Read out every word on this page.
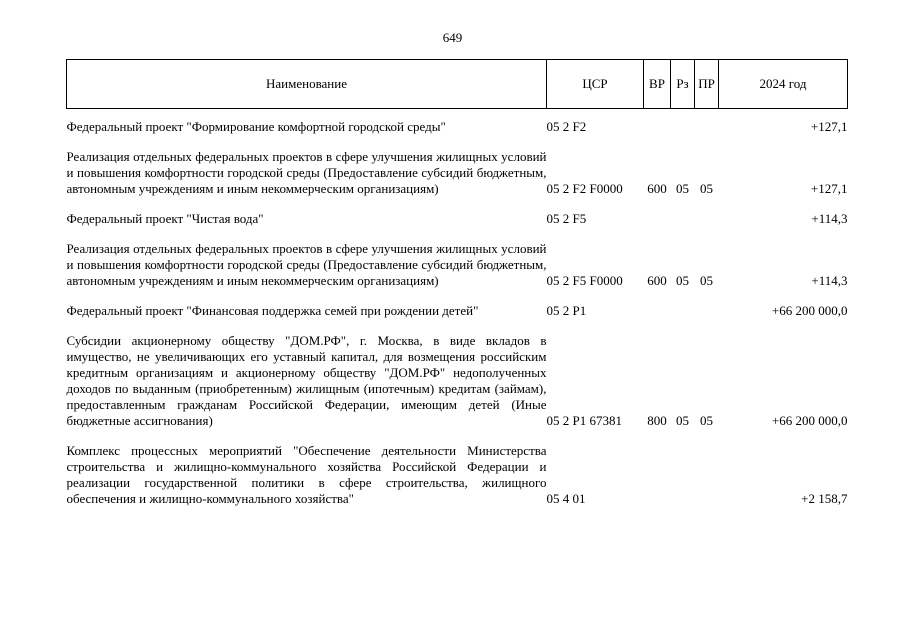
649
Наименование	ЦСР	ВР	Рз	ПР	2024 год

Федеральный проект "Формирование комфортной городской среды"	05 2 F2				+127,1

Реализация отдельных федеральных проектов в сфере улучшения жилищных условий и повышения комфортности городской среды (Предоставление субсидий бюджетным, автономным учреждениям и иным некоммерческим организациям)	05 2 F2 F0000	600	05	05	+127,1

Федеральный проект "Чистая вода"	05 2 F5				+114,3

Реализация отдельных федеральных проектов в сфере улучшения жилищных условий и повышения комфортности городской среды (Предоставление субсидий бюджетным, автономным учреждениям и иным некоммерческим организациям)	05 2 F5 F0000	600	05	05	+114,3

Федеральный проект "Финансовая поддержка семей при рождении детей"	05 2 P1				+66 200 000,0

Субсидии акционерному обществу "ДОМ.РФ", г. Москва, в виде вкладов в имущество, не увеличивающих его уставный капитал, для возмещения российским кредитным организациям и акционерному обществу "ДОМ.РФ" недополученных доходов по выданным (приобретенным) жилищным (ипотечным) кредитам (займам), предоставленным гражданам Российской Федерации, имеющим детей (Иные бюджетные ассигнования)	05 2 P1 67381	800	05	05	+66 200 000,0

Комплекс процессных мероприятий "Обеспечение деятельности Министерства строительства и жилищно-коммунального хозяйства Российской Федерации и реализации государственной политики в сфере строительства, жилищного обеспечения и жилищно-коммунального хозяйства"	05 4 01				+2 158,7
